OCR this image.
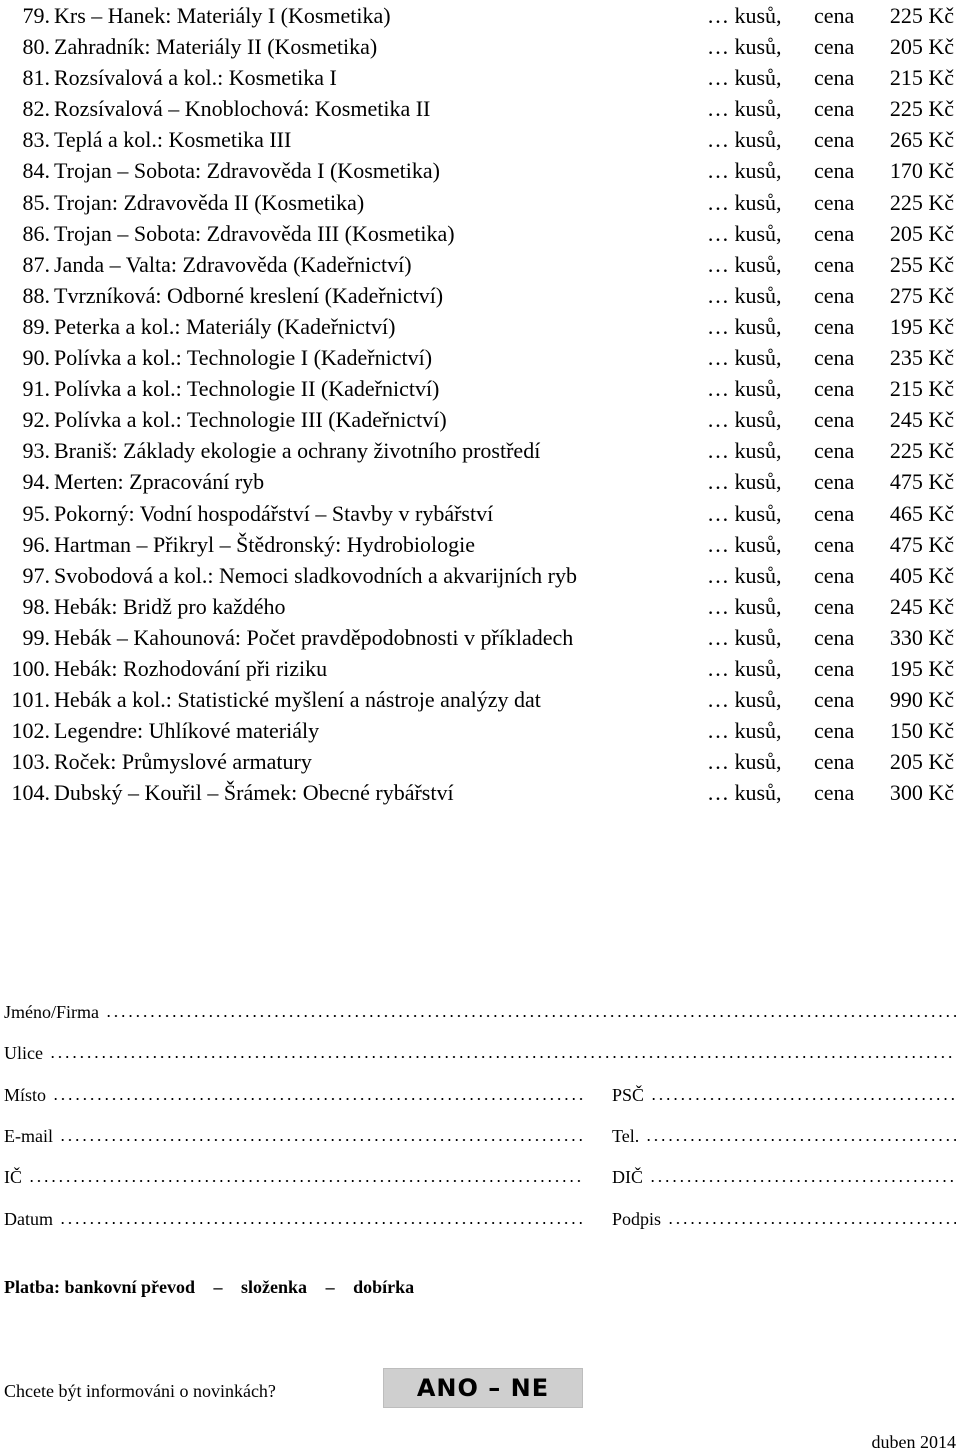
79. Krs – Hanek: Materiály I (Kosmetika)	… kusů, cena	225 Kč
80. Zahradník: Materiály II (Kosmetika)	… kusů, cena	205 Kč
81. Rozsívalová a kol.: Kosmetika I	… kusů, cena	215 Kč
82. Rozsívalová – Knoblochová: Kosmetika II	… kusů, cena	225 Kč
83. Teplá a kol.: Kosmetika III	… kusů, cena	265 Kč
84. Trojan – Sobota: Zdravověda I (Kosmetika)	… kusů, cena	170 Kč
85. Trojan: Zdravověda II (Kosmetika)	… kusů, cena	225 Kč
86. Trojan – Sobota: Zdravověda III (Kosmetika)	… kusů, cena	205 Kč
87. Janda – Valta: Zdravověda (Kadeřnictví)	… kusů, cena	255 Kč
88. Tvrzníková: Odborné kreslení (Kadeřnictví)	… kusů, cena	275 Kč
89. Peterka a kol.: Materiály (Kadeřnictví)	… kusů, cena	195 Kč
90. Polívka a kol.: Technologie I (Kadeřnictví)	… kusů, cena	235 Kč
91. Polívka a kol.: Technologie II (Kadeřnictví)	… kusů, cena	215 Kč
92. Polívka a kol.: Technologie III (Kadeřnictví)	… kusů, cena	245 Kč
93. Braniš: Základy ekologie a ochrany životního prostředí	… kusů, cena	225 Kč
94. Merten: Zpracování ryb	… kusů, cena	475 Kč
95. Pokorný: Vodní hospodářství – Stavby v rybářství	… kusů, cena	465 Kč
96. Hartman – Přikryl – Štědronský: Hydrobiologie	… kusů, cena	475 Kč
97. Svobodová a kol.: Nemoci sladkovodních a akvarijních ryb	… kusů, cena	405 Kč
98. Hebák: Bridž pro každého	… kusů, cena	245 Kč
99. Hebák – Kahounová: Počet pravděpodobnosti v příkladech	… kusů, cena	330 Kč
100. Hebák: Rozhodování při riziku	… kusů, cena	195 Kč
101. Hebák a kol.: Statistické myšlení a nástroje analýzy dat	… kusů, cena	990 Kč
102. Legendre: Uhlíkové materiály	… kusů, cena	150 Kč
103. Roček: Průmyslové armatury	… kusů, cena	205 Kč
104. Dubský – Kouřil – Šrámek: Obecné rybářství	… kusů, cena	300 Kč
Jméno/Firma
Ulice
Místo	PSČ
E-mail	Tel.
IČ	DIČ
Datum	Podpis
Platba: bankovní převod – složenka – dobírka
Chcete být informováni o novinkách?	ANO – NE
duben 2014
